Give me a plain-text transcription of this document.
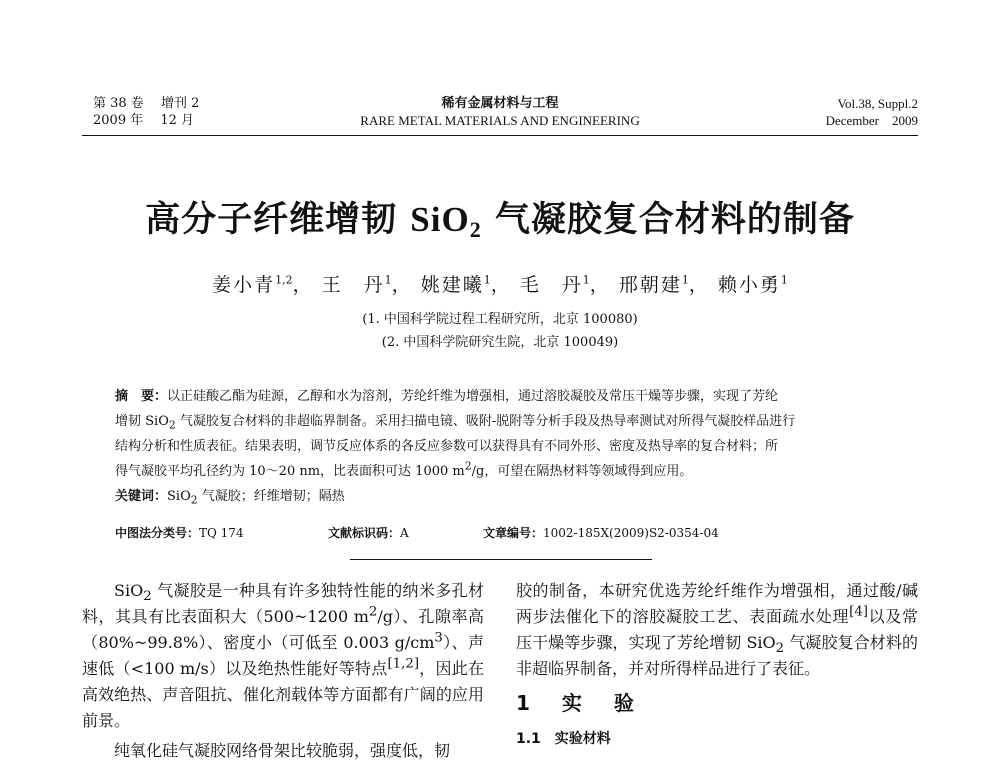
第 38 卷　 增刊 2
2009 年　 12 月
稀有金属材料与工程
RARE METAL MATERIALS AND ENGINEERING
Vol.38, Suppl.2
December　2009
高分子纤维增韧 SiO$_2$ 气凝胶复合材料的制备
姜小青$^{1,2}$， 王　丹$^1$， 姚建曦$^1$， 毛　丹$^1$， 邢朝建$^1$， 赖小勇$^1$
(1. 中国科学院过程工程研究所，北京 100080)
(2. 中国科学院研究生院，北京 100049)

摘　要：以正硅酸乙酯为硅源，乙醇和水为溶剂，芳纶纤维为增强相，通过溶胶凝胶及常压干燥等步骤，实现了芳纶

增韧 SiO$_2$ 气凝胶复合材料的非超临界制备。采用扫描电镜、吸附-脱附等分析手段及热导率测试对所得气凝胶样品进行

结构分析和性质表征。结果表明，调节反应体系的各反应参数可以获得具有不同外形、密度及热导率的复合材料；所

得气凝胶平均孔径约为 10～20 nm，比表面积可达 1000 $m^2/g$，可望在隔热材料等领域得到应用。

关键词：SiO$_2$ 气凝胶；纤维增韧；隔热

中图法分类号：TQ 174	文献标识码：A	文章编号：1002-185X(2009)S2-0354-04

SiO$_2$ 气凝胶是一种具有许多独特性能的纳米多孔材料，其具有比表面积大（500~1200 $m^2/g$）、孔隙率高（80%~99.8%）、密度小（可低至 0.003 $g/cm^3$）、声速低（<100 m/s）以及绝热性能好等特点[1,2]，因此在高效绝热、声音阻抗、催化剂载体等方面都有广阔的应用前景。

纯氧化硅气凝胶网络骨架比较脆弱，强度低，韧

胶的制备，本研究优选芳纶纤维作为增强相，通过酸/碱两步法催化下的溶胶凝胶工艺、表面疏水处理[4]以及常压干燥等步骤，实现了芳纶增韧 SiO$_2$ 气凝胶复合材料的非超临界制备，并对所得样品进行了表征。

1　实　验
1.1　实验材料
